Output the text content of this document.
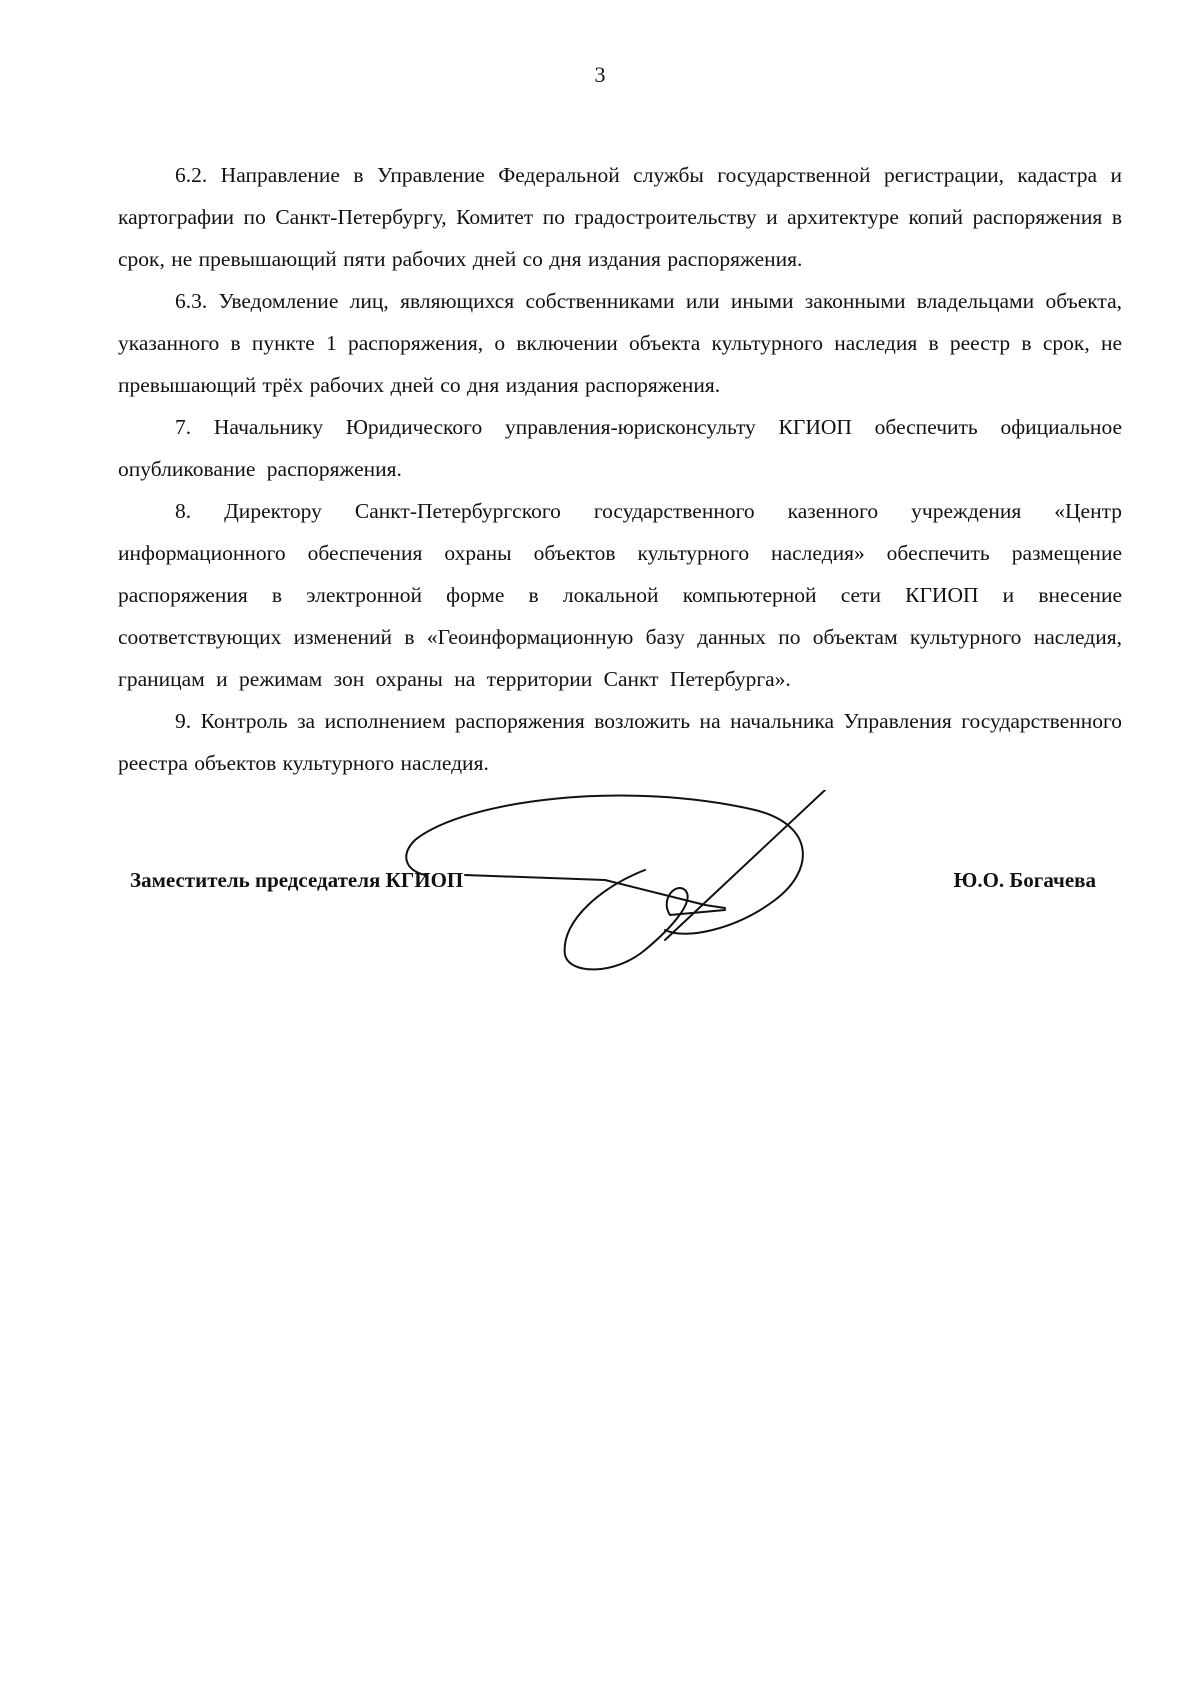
3

6.2. Направление в Управление Федеральной службы государственной регистрации, кадастра и картографии по Санкт-Петербургу, Комитет по градостроительству и архитектуре копий распоряжения в срок, не превышающий пяти рабочих дней со дня издания распоряжения.

6.3. Уведомление лиц, являющихся собственниками или иными законными владельцами объекта, указанного в пункте 1 распоряжения, о включении объекта культурного наследия в реестр в срок, не превышающий трёх рабочих дней со дня издания распоряжения.

7. Начальнику Юридического управления-юрисконсульту КГИОП обеспечить официальное опубликование распоряжения.

8. Директору Санкт-Петербургского государственного казенного учреждения «Центр информационного обеспечения охраны объектов культурного наследия» обеспечить размещение распоряжения в электронной форме в локальной компьютерной сети КГИОП и внесение соответствующих изменений в «Геоинформационную базу данных по объектам культурного наследия, границам и режимам зон охраны на территории Санкт Петербурга».

9. Контроль за исполнением распоряжения возложить на начальника Управления государственного реестра объектов культурного наследия.

Заместитель председателя КГИОП	Ю.О. Богачева
